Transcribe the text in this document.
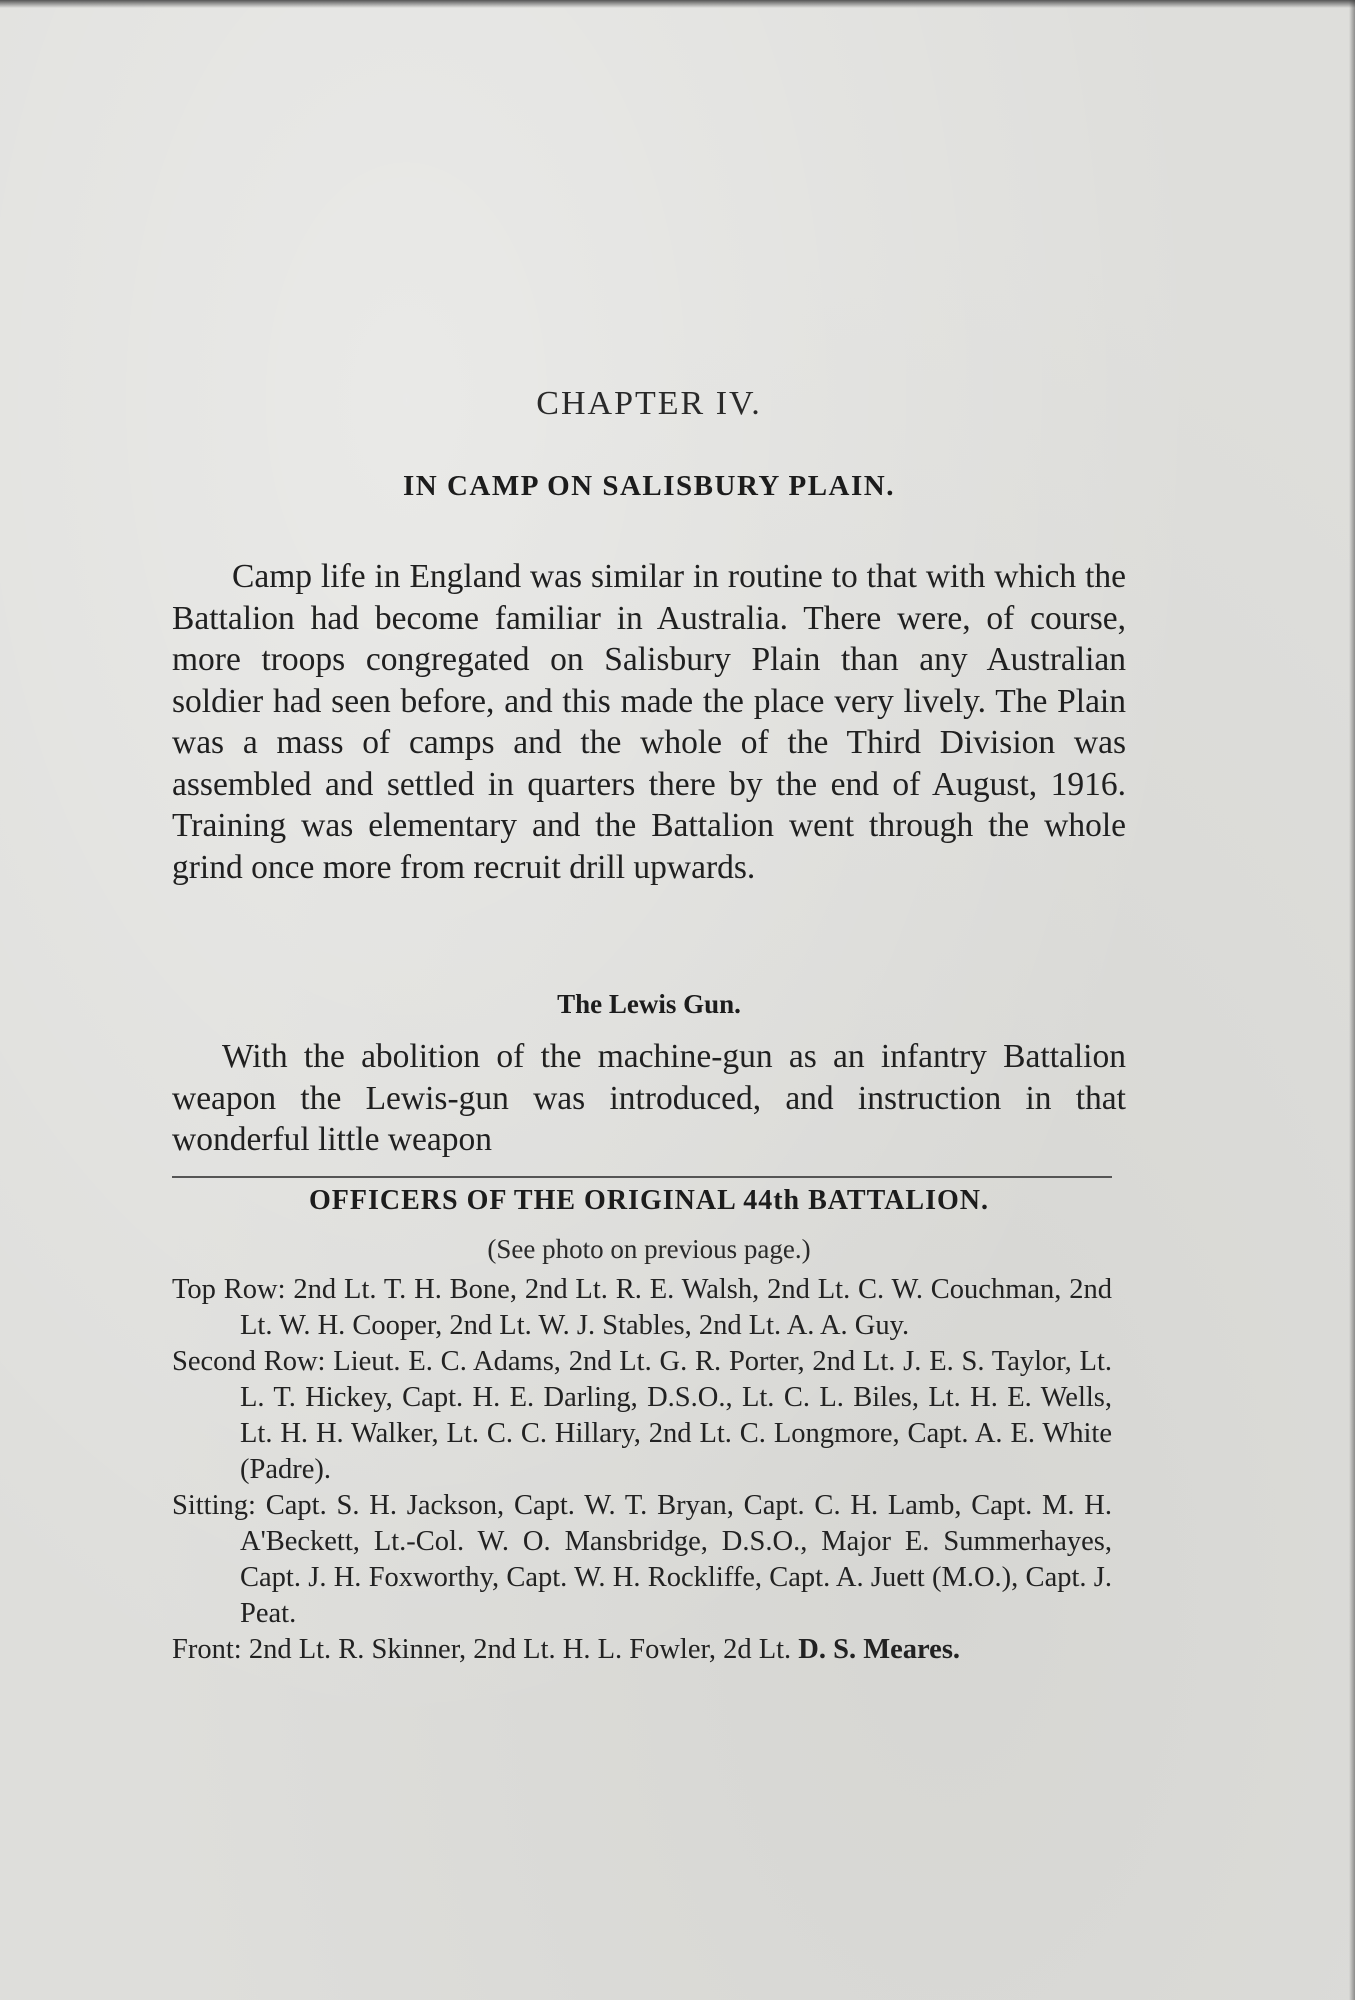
CHAPTER IV.
IN CAMP ON SALISBURY PLAIN.

Camp life in England was similar in routine to that with which the Battalion had become familiar in Australia. There were, of course, more troops congregated on Salisbury Plain than any Australian soldier had seen before, and this made the place very lively. The Plain was a mass of camps and the whole of the Third Division was assembled and settled in quarters there by the end of August, 1916. Training was elementary and the Battalion went through the whole grind once more from recruit drill upwards.

The Lewis Gun.

With the abolition of the machine-gun as an infantry Battalion weapon the Lewis-gun was introduced, and instruction in that wonderful little weapon

OFFICERS OF THE ORIGINAL 44th BATTALION.
(See photo on previous page.)

Top Row: 2nd Lt. T. H. Bone, 2nd Lt. R. E. Walsh, 2nd Lt. C. W. Couchman, 2nd Lt. W. H. Cooper, 2nd Lt. W. J. Stables, 2nd Lt. A. A. Guy.

Second Row: Lieut. E. C. Adams, 2nd Lt. G. R. Porter, 2nd Lt. J. E. S. Taylor, Lt. L. T. Hickey, Capt. H. E. Darling, D.S.O., Lt. C. L. Biles, Lt. H. E. Wells, Lt. H. H. Walker, Lt. C. C. Hillary, 2nd Lt. C. Longmore, Capt. A. E. White (Padre).

Sitting: Capt. S. H. Jackson, Capt. W. T. Bryan, Capt. C. H. Lamb, Capt. M. H. A'Beckett, Lt.-Col. W. O. Mansbridge, D.S.O., Major E. Summerhayes, Capt. J. H. Foxworthy, Capt. W. H. Rockliffe, Capt. A. Juett (M.O.), Capt. J. Peat.

Front: 2nd Lt. R. Skinner, 2nd Lt. H. L. Fowler, 2d Lt. D. S. Meares.
